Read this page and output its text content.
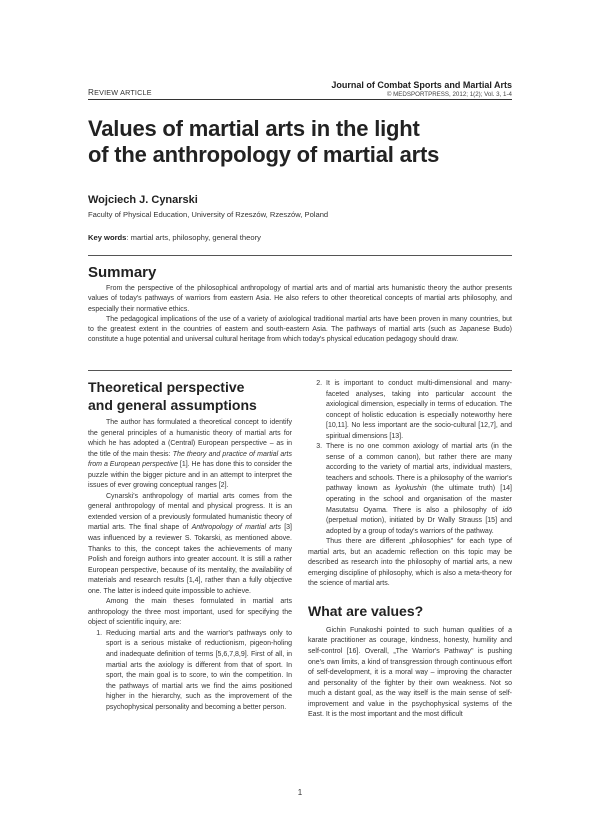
REVIEW ARTICLE
Journal of Combat Sports and Martial Arts
© MEDSPORTPRESS, 2012; 1(2); Vol. 3, 1-4
Values of martial arts in the light
of the anthropology of martial arts
Wojciech J. Cynarski
Faculty of Physical Education, University of Rzeszów, Rzeszów, Poland
Key words: martial arts, philosophy, general theory
Summary

From the perspective of the philosophical anthropology of martial arts and of martial arts humanistic theory the author presents values of today's pathways of warriors from eastern Asia. He also refers to other theoretical concepts of martial arts philosophy, and especially their normative ethics.

The pedagogical implications of the use of a variety of axiological traditional martial arts have been proven in many countries, but to the greatest extent in the countries of eastern and south-eastern Asia. The pathways of martial arts (such as Japanese Budo) constitute a huge potential and universal cultural heritage from which today's physical education pedagogy should draw.

Theoretical perspective
and general assumptions

The author has formulated a theoretical concept to identify the general principles of a humanistic theory of martial arts for which he has adopted a (Central) European perspective – as in the title of the main thesis: The theory and practice of martial arts from a European perspective [1]. He has done this to consider the puzzle within the bigger picture and in an attempt to interpret the issues of ever growing conceptual ranges [2].

Cynarski's anthropology of martial arts comes from the general anthropology of mental and physical progress. It is an extended version of a previously formulated humanistic theory of martial arts. The final shape of Anthropology of martial arts [3] was influenced by a reviewer S. Tokarski, as mentioned above. Thanks to this, the concept takes the achievements of many Polish and foreign authors into greater account. It is still a rather European perspective, because of its mentality, the availability of materials and research results [1,4], rather than a fully objective one. The latter is indeed quite impossible to achieve.

Among the main theses formulated in martial arts anthropology the three most important, used for specifying the object of scientific inquiry, are:

1. Reducing martial arts and the warrior's pathways only to sport is a serious mistake of reductionism, pigeon-holing and inadequate definition of terms [5,6,7,8,9]. First of all, in martial arts the axiology is different from that of sport. In sport, the main goal is to score, to win the competition. In the pathways of martial arts we find the aims positioned higher in the hierarchy, such as the improvement of the psychophysical personality and becoming a better person.
2. It is important to conduct multi-dimensional and many-faceted analyses, taking into particular account the axiological dimension, especially in terms of education. The concept of holistic education is especially noteworthy here [10,11]. No less important are the socio-cultural [12,7], and spiritual dimensions [13].
3. There is no one common axiology of martial arts (in the sense of a common canon), but rather there are many according to the variety of martial arts, individual masters, teachers and schools. There is a philosophy of the warrior's pathway known as kyokushin (the ultimate truth) [14] operating in the school and organisation of the master Masutatsu Oyama. There is also a philosophy of idō (perpetual motion), initiated by Dr Wally Strauss [15] and adopted by a group of today's warriors of the pathway.

Thus there are different „philosophies" for each type of martial arts, but an academic reflection on this topic may be described as research into the philosophy of martial arts, a new emerging discipline of philosophy, which is also a meta-theory for the science of martial arts.

What are values?

Gichin Funakoshi pointed to such human qualities of a karate practitioner as courage, kindness, honesty, humility and self-control [16]. Overall, „The Warrior's Pathway" is pushing one's own limits, a kind of transgression through continuous effort of self-development, it is a moral way – improving the character and personality of the fighter by their own weakness. Not so much a distant goal, as the way itself is the main sense of self-improvement and value in the psychophysical systems of the East. It is the most important and the most difficult

1
